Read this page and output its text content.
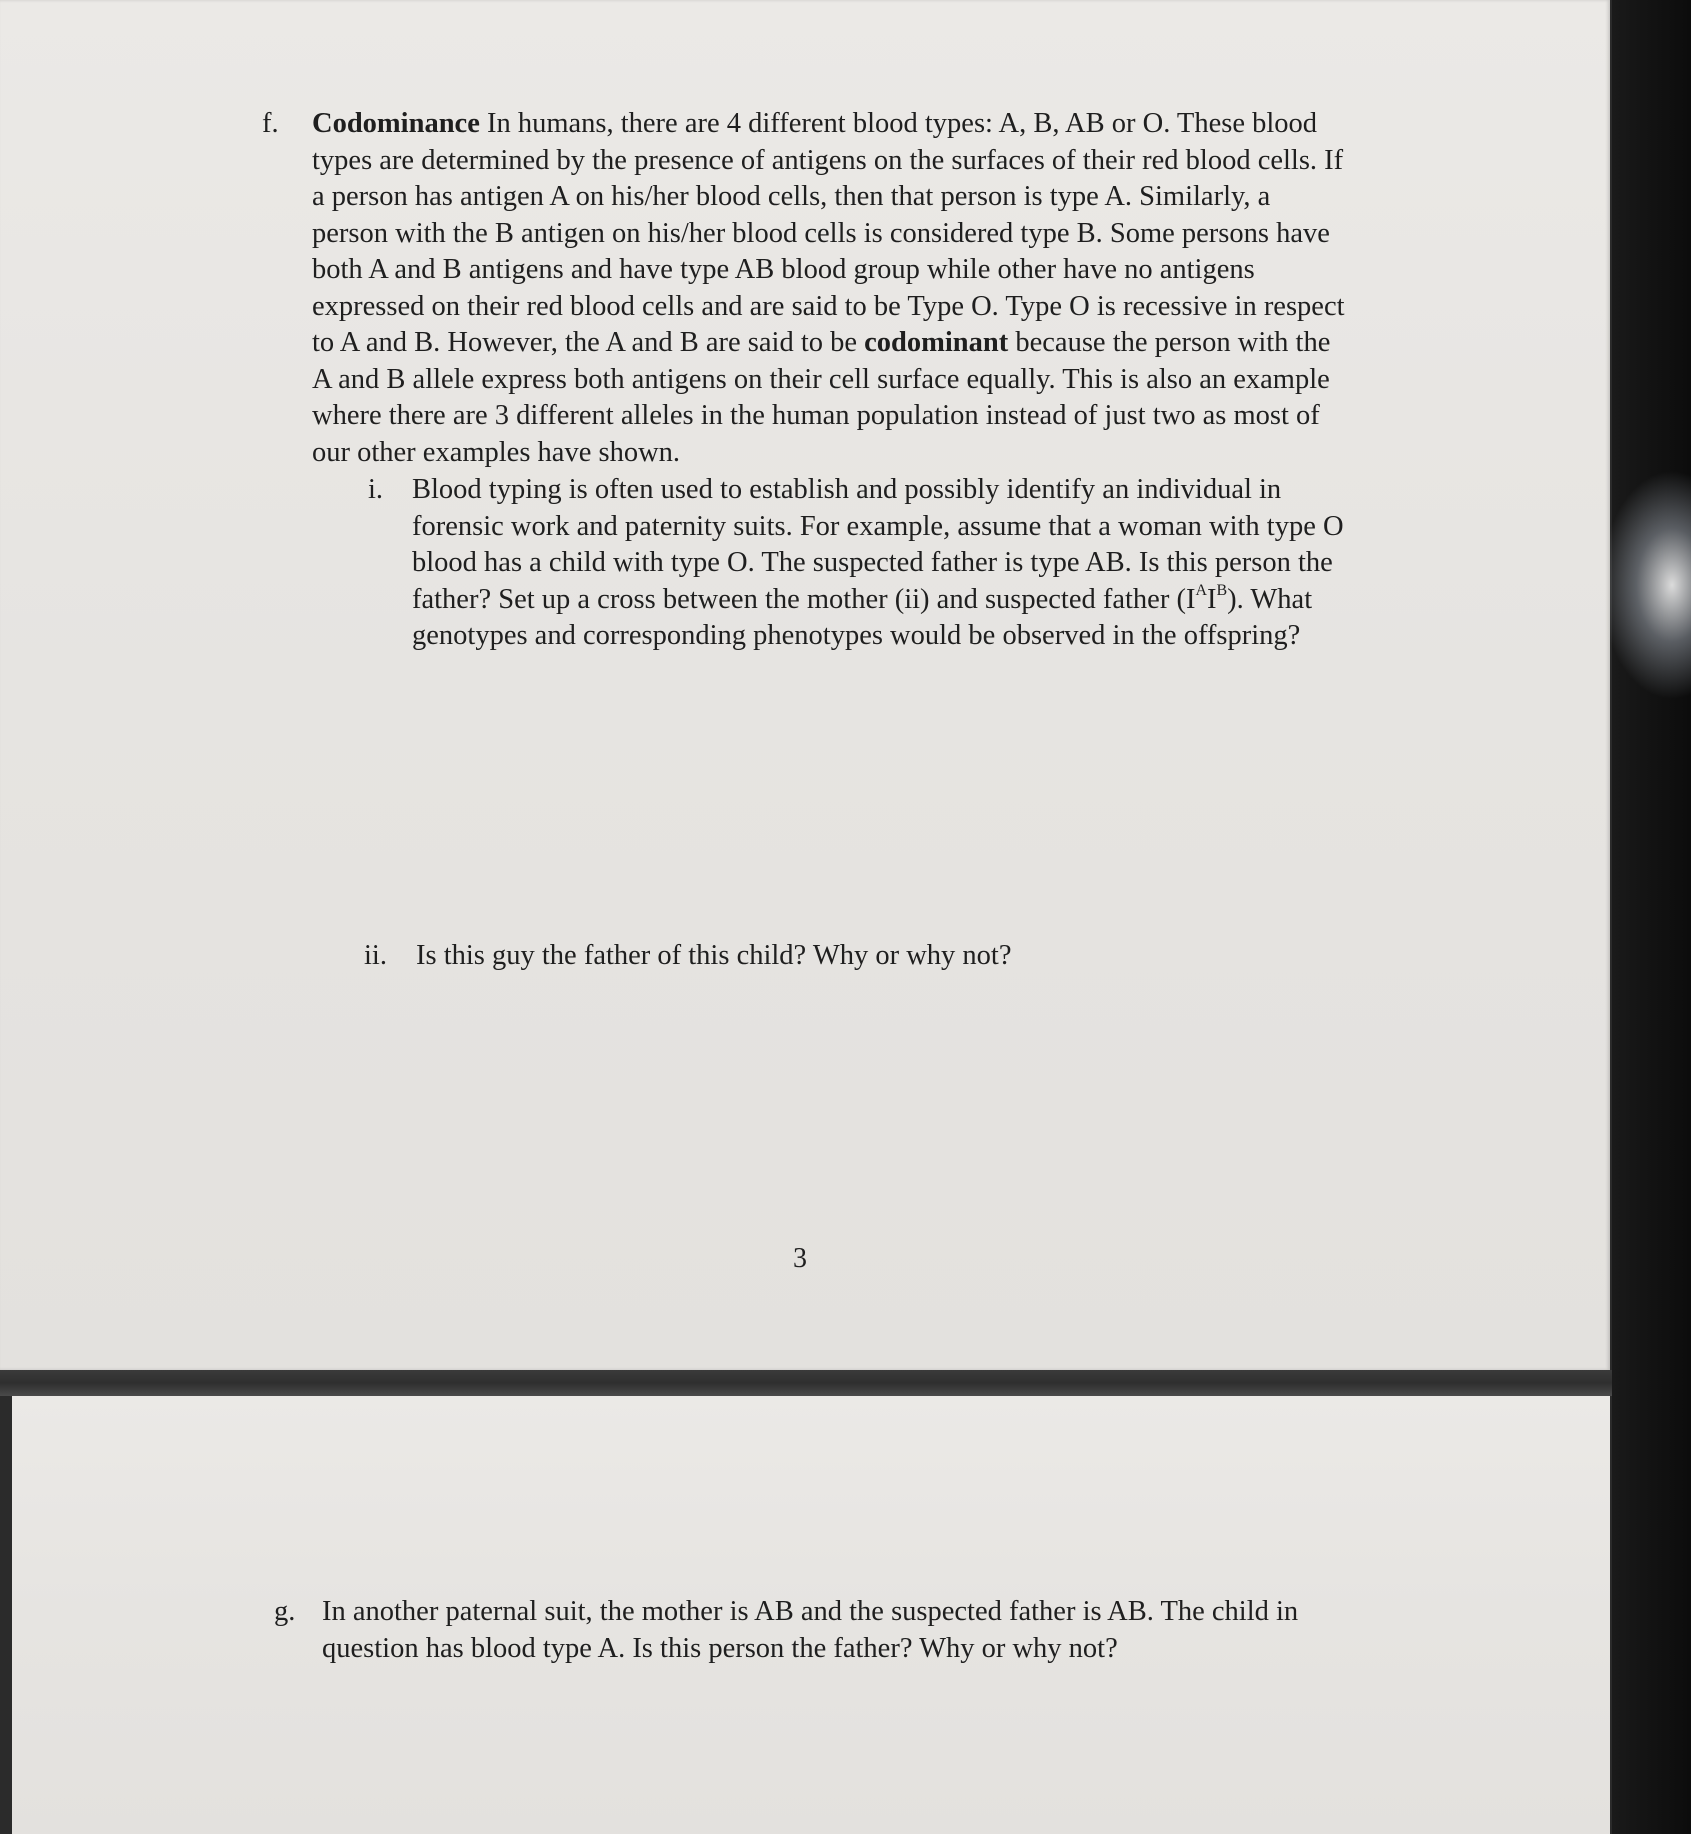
f. Codominance In humans, there are 4 different blood types: A, B, AB or O. These blood
types are determined by the presence of antigens on the surfaces of their red blood cells. If
a person has antigen A on his/her blood cells, then that person is type A. Similarly, a
person with the B antigen on his/her blood cells is considered type B. Some persons have
both A and B antigens and have type AB blood group while other have no antigens
expressed on their red blood cells and are said to be Type O. Type O is recessive in respect
to A and B. However, the A and B are said to be codominant because the person with the
A and B allele express both antigens on their cell surface equally. This is also an example
where there are 3 different alleles in the human population instead of just two as most of
our other examples have shown.
i. Blood typing is often used to establish and possibly identify an individual in
forensic work and paternity suits. For example, assume that a woman with type O
blood has a child with type O. The suspected father is type AB. Is this person the
father? Set up a cross between the mother (ii) and suspected father $(I^AI^B)$. What
genotypes and corresponding phenotypes would be observed in the offspring?
ii. Is this guy the father of this child? Why or why not?
3
g. In another paternal suit, the mother is AB and the suspected father is AB. The child in
question has blood type A. Is this person the father? Why or why not?
